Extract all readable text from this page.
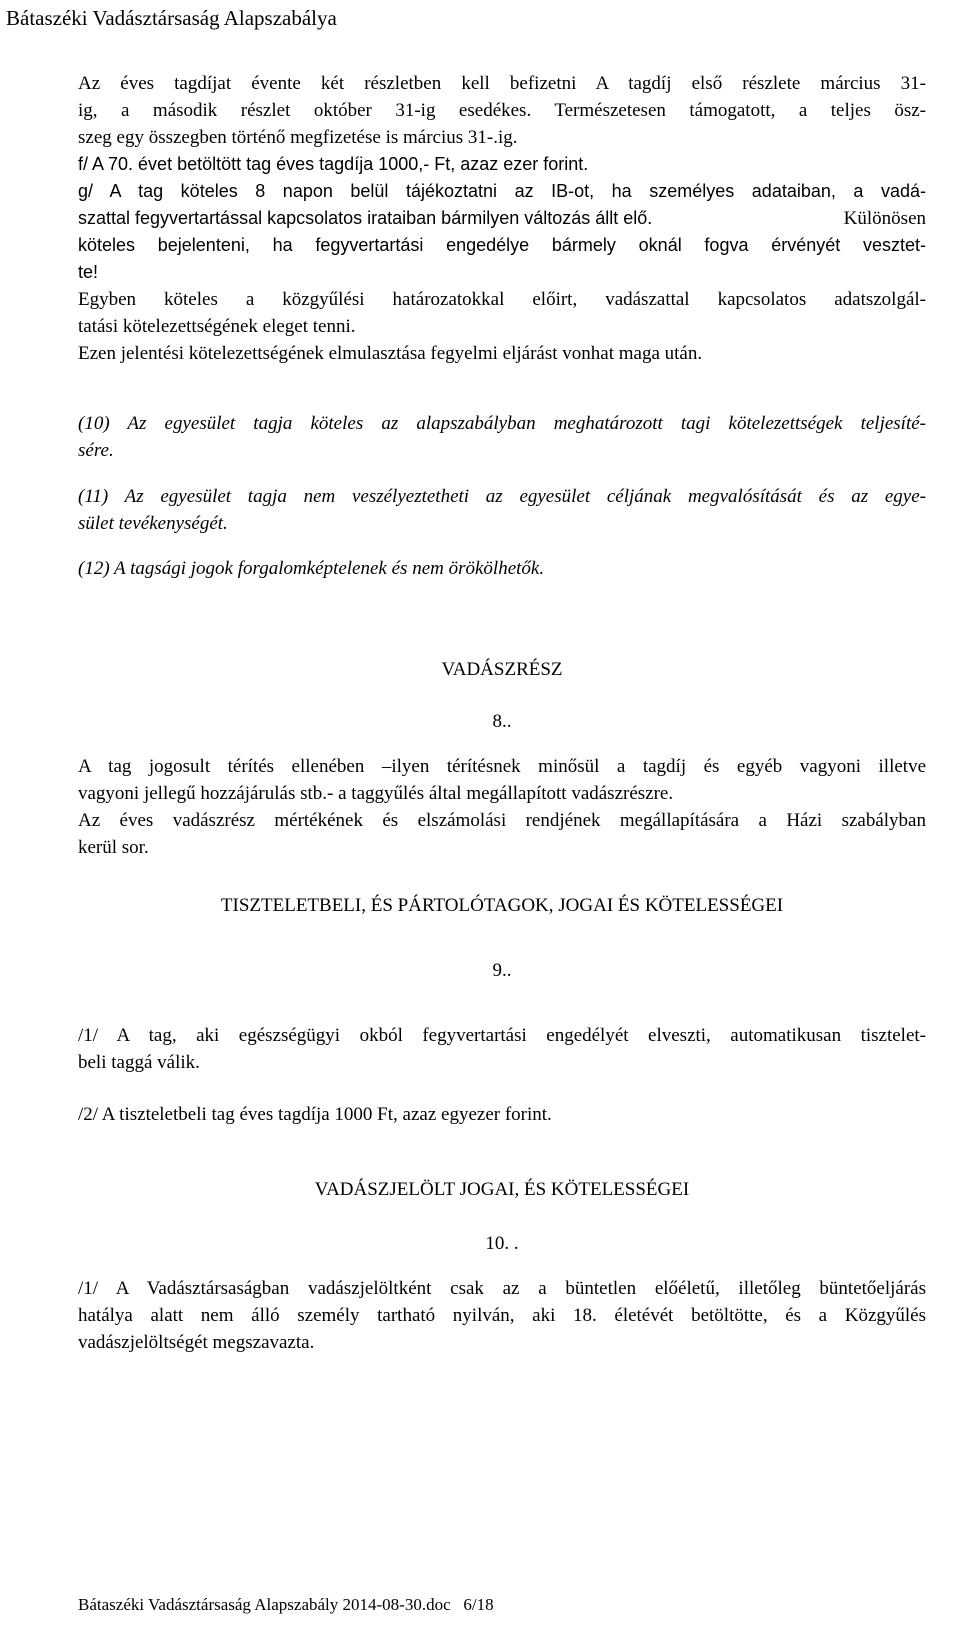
Bátaszéki Vadásztársaság Alapszabálya

Az éves tagdíjat évente két részletben kell befizetni A tagdíj első részlete március 31-

ig, a második részlet október 31-ig esedékes. Természetesen támogatott, a teljes ösz-

szeg egy összegben történő megfizetése is március 31-.ig.

f/ A 70. évet betöltött tag éves tagdíja 1000,- Ft, azaz ezer forint.

g/ A tag köteles 8 napon belül tájékoztatni az IB-ot, ha személyes adataiban, a vadá-

szattal fegyvertartással kapcsolatos irataiban bármilyen változás állt elő.	Különösen

köteles bejelenteni, ha fegyvertartási engedélye bármely oknál fogva érvényét vesztet-

te!

Egyben köteles a közgyűlési határozatokkal előirt, vadászattal kapcsolatos adatszolgál-

tatási kötelezettségének eleget tenni.

Ezen jelentési kötelezettségének elmulasztása fegyelmi eljárást vonhat maga után.

(10) Az egyesület tagja köteles az alapszabályban meghatározott tagi kötelezettségek teljesíté-

sére.

(11) Az egyesület tagja nem veszélyeztetheti az egyesület céljának megvalósítását és az egye-

sület tevékenységét.

(12) A tagsági jogok forgalomképtelenek és nem örökölhetők.

VADÁSZRÉSZ

8..

A tag jogosult térítés ellenében –ilyen térítésnek minősül a tagdíj és egyéb vagyoni illetve

vagyoni jellegű hozzájárulás stb.- a taggyűlés által megállapított vadászrészre.

Az éves vadászrész mértékének és elszámolási rendjének megállapítására a Házi szabályban

kerül sor.

TISZTELETBELI, ÉS PÁRTOLÓTAGOK, JOGAI ÉS KÖTELESSÉGEI

9..

/1/ A tag, aki egészségügyi okból fegyvertartási engedélyét elveszti, automatikusan tisztelet-

beli taggá válik.

/2/ A tiszteletbeli tag éves tagdíja 1000 Ft, azaz egyezer forint.

VADÁSZJELÖLT JOGAI, ÉS KÖTELESSÉGEI

10. .

/1/ A Vadásztársaságban vadászjelöltként csak az a büntetlen előéletű, illetőleg büntetőeljárás

hatálya alatt nem álló személy tartható nyilván, aki 18. életévét betöltötte, és a Közgyűlés

vadászjelöltségét megszavazta.

Bátaszéki Vadásztársaság Alapszabály 2014-08-30.doc 6/18
